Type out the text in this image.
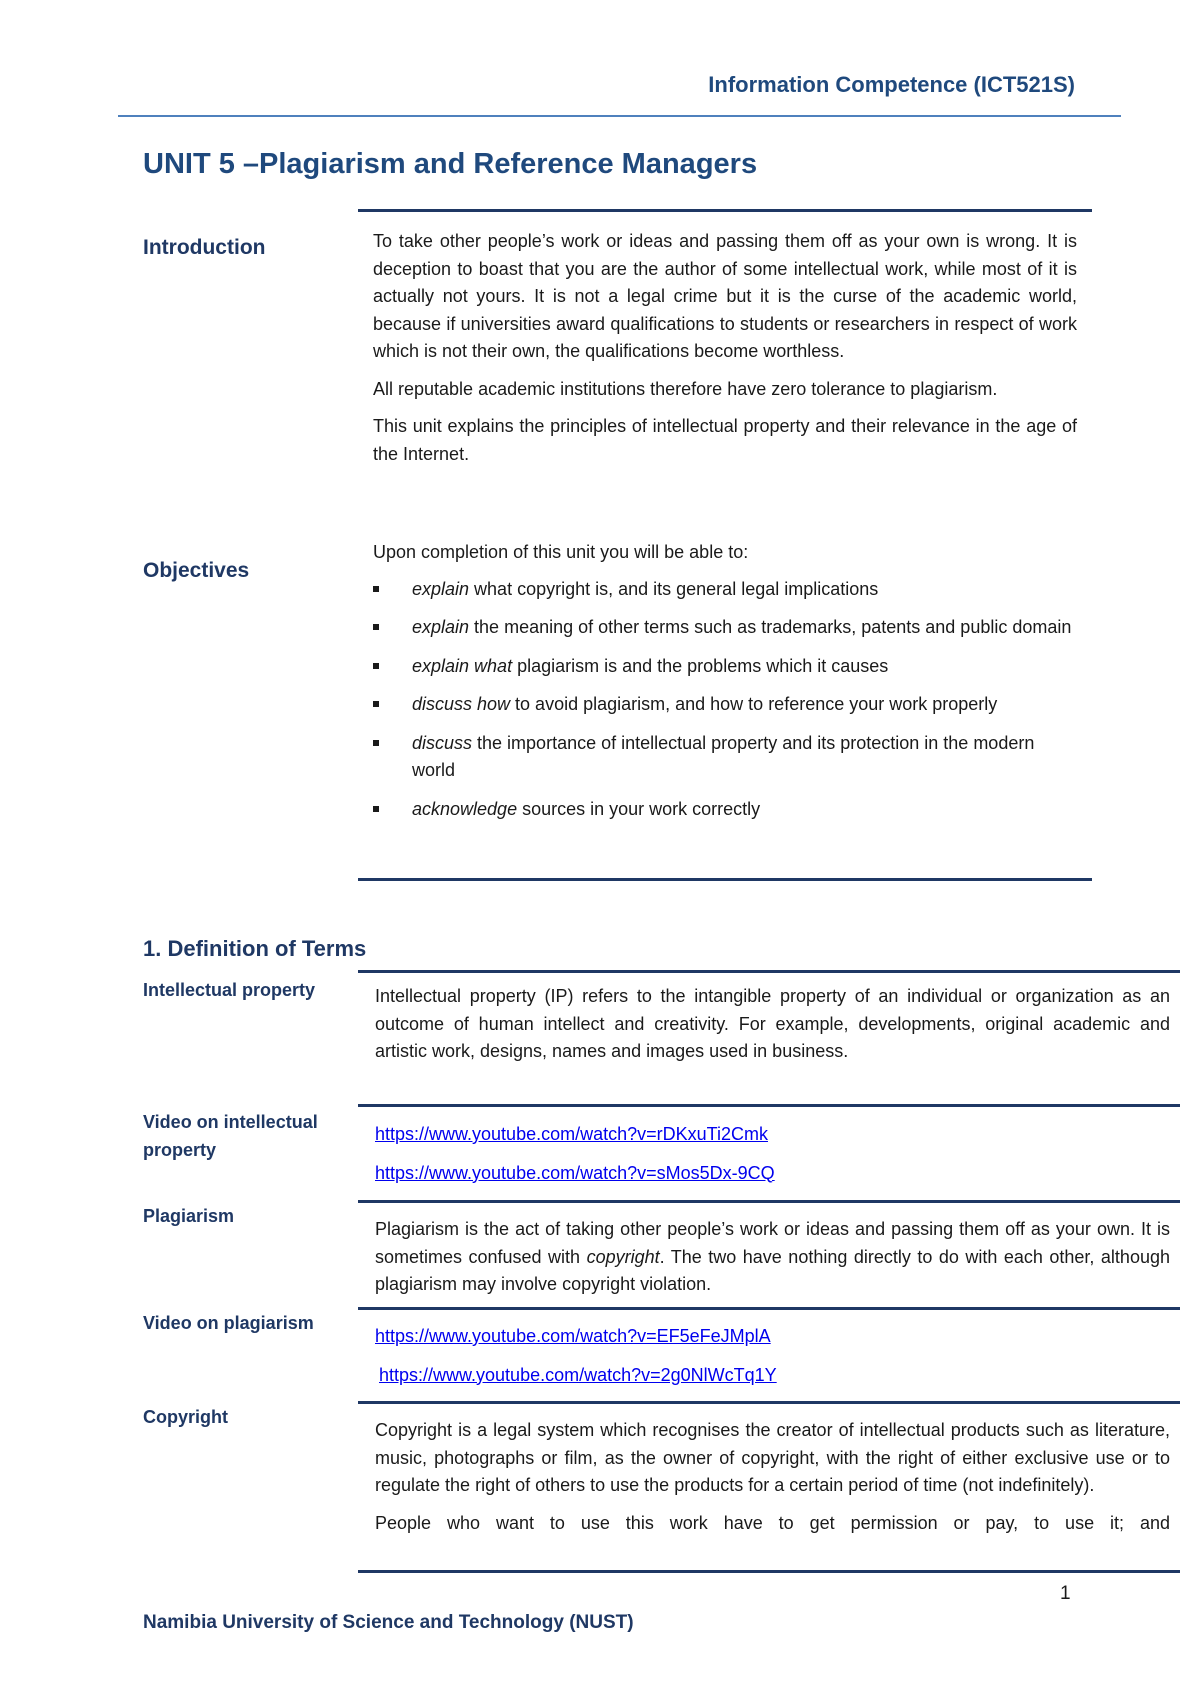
Information Competence (ICT521S)
UNIT 5 –Plagiarism and Reference Managers
Introduction	To take other people’s work or ideas and passing them off as your own is wrong. It is deception to boast that you are the author of some intellectual work, while most of it is actually not yours. It is not a legal crime but it is the curse of the academic world, because if universities award qualifications to students or researchers in respect of work which is not their own, the qualifications become worthless.

All reputable academic institutions therefore have zero tolerance to plagiarism.

This unit explains the principles of intellectual property and their relevance in the age of the Internet.

Objectives

Upon completion of this unit you will be able to:

explain what copyright is, and its general legal implications
explain the meaning of other terms such as trademarks, patents and public domain
explain what plagiarism is and the problems which it causes
discuss how to avoid plagiarism, and how to reference your work properly
discuss the importance of intellectual property and its protection in the modern world
acknowledge sources in your work correctly
1. Definition of Terms
Intellectual property	Intellectual property (IP) refers to the intangible property of an individual or organization as an outcome of human intellect and creativity. For example, developments, original academic and artistic work, designs, names and images used in business.

Video on intellectual
property
https://www.youtube.com/watch?v=rDKxuTi2Cmk
https://www.youtube.com/watch?v=sMos5Dx-9CQ
Plagiarism

Plagiarism is the act of taking other people’s work or ideas and passing them off as your own. It is sometimes confused with copyright. The two have nothing directly to do with each other, although plagiarism may involve copyright violation.

Video on plagiarism
https://www.youtube.com/watch?v=EF5eFeJMplA
https://www.youtube.com/watch?v=2g0NlWcTq1Y
Copyright

Copyright is a legal system which recognises the creator of intellectual products such as literature, music, photographs or film, as the owner of copyright, with the right of either exclusive use or to regulate the right of others to use the products for a certain period of time (not indefinitely).

People who want to use this work have to get permission or pay, to use it; and

1
Namibia University of Science and Technology (NUST)
